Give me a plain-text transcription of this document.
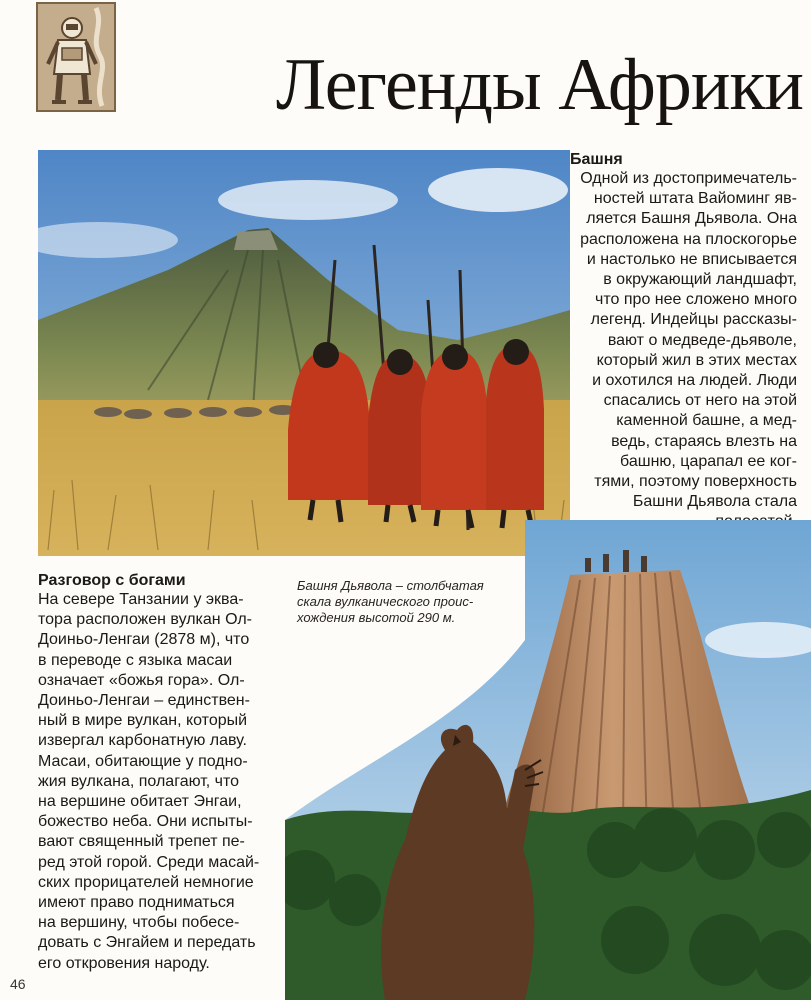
Легенды Африки
Башня
Одной из достопримечатель-
ностей штата Вайоминг яв-
ляется Башня Дьявола. Она
расположена на плоскогорье
и настолько не вписывается
в окружающий ландшафт,
что про нее сложено много
легенд. Индейцы рассказы-
вают о медведе-дьяволе,
который жил в этих местах
и охотился на людей. Люди
спасались от него на этой
каменной башне, а мед-
ведь, стараясь влезть на
башню, царапал ее ког-
тями, поэтому поверхность
Башни Дьявола стала
Башня Дьявола – столбчатая
скала вулканического проис-
хождения высотой 290 м.
Разговор с богами
На севере Танзании у эква-
тора расположен вулкан Ол-
Доиньо-Ленгаи (2878 м), что
в переводе с языка масаи
означает «божья гора». Ол-
Доиньо-Ленгаи – единствен-
ный в мире вулкан, который
извергал карбонатную лаву.
Масаи, обитающие у подно-
жия вулкана, полагают, что
на вершине обитает Энгаи,
божество неба. Они испыты-
вают священный трепет пе-
ред этой горой. Среди масай-
ских прорицателей немногие
имеют право подниматься
на вершину, чтобы побесе-
довать с Энгайем и передать
его откровения народу.
46
